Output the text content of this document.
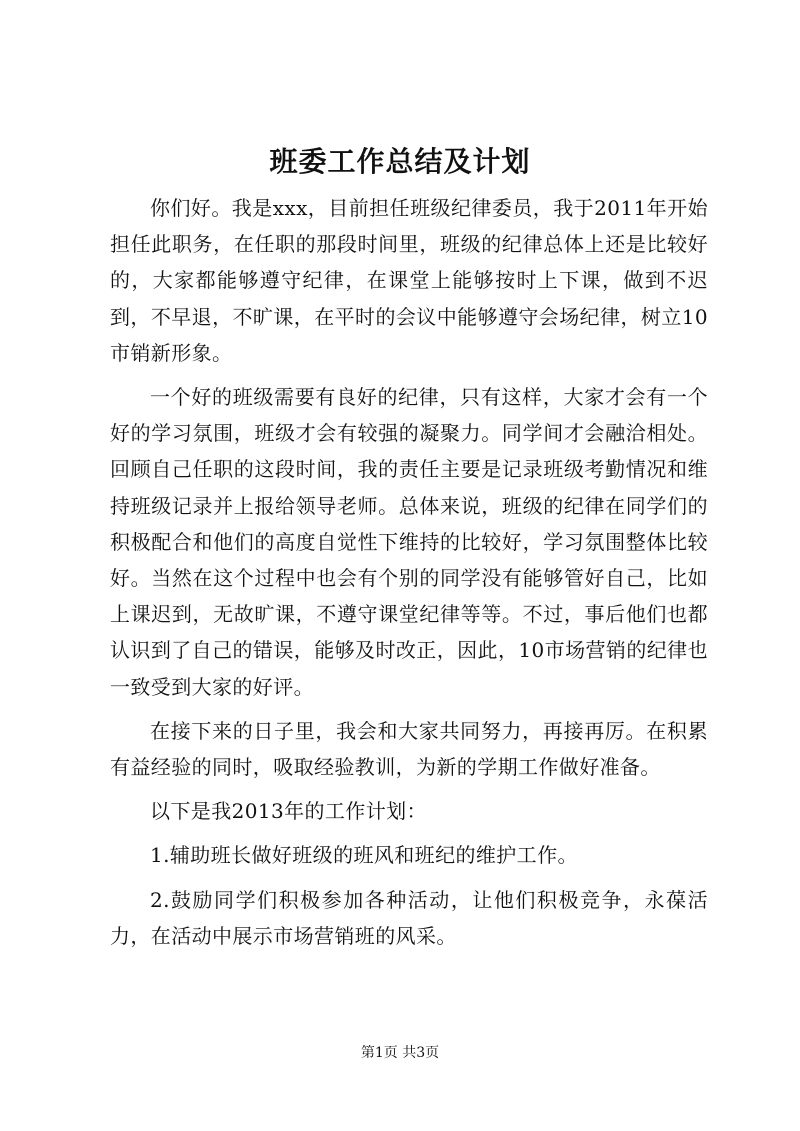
班委工作总结及计划

你们好。我是xxx，目前担任班级纪律委员，我于2011年开始担任此职务，在任职的那段时间里，班级的纪律总体上还是比较好的，大家都能够遵守纪律，在课堂上能够按时上下课，做到不迟到，不早退，不旷课，在平时的会议中能够遵守会场纪律，树立10市销新形象。

一个好的班级需要有良好的纪律，只有这样，大家才会有一个好的学习氛围，班级才会有较强的凝聚力。同学间才会融洽相处。回顾自己任职的这段时间，我的责任主要是记录班级考勤情况和维持班级记录并上报给领导老师。总体来说，班级的纪律在同学们的积极配合和他们的高度自觉性下维持的比较好，学习氛围整体比较好。当然在这个过程中也会有个别的同学没有能够管好自己，比如上课迟到，无故旷课，不遵守课堂纪律等等。不过，事后他们也都认识到了自己的错误，能够及时改正，因此，10市场营销的纪律也一致受到大家的好评。

在接下来的日子里，我会和大家共同努力，再接再厉。在积累有益经验的同时，吸取经验教训，为新的学期工作做好准备。

以下是我2013年的工作计划：

1.辅助班长做好班级的班风和班纪的维护工作。

2.鼓励同学们积极参加各种活动，让他们积极竞争，永葆活力，在活动中展示市场营销班的风采。

第1页 共3页
